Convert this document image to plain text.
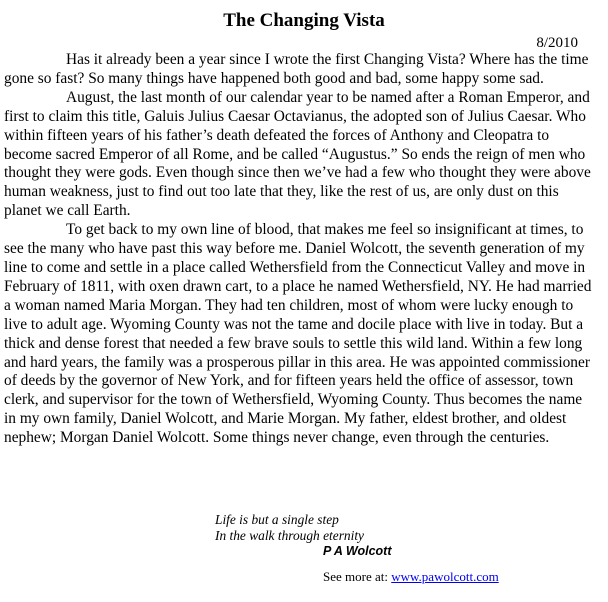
The Changing Vista
8/2010

Has it already been a year since I wrote the first Changing Vista? Where has the time gone so fast? So many things have happened both good and bad, some happy some sad.

August, the last month of our calendar year to be named after a Roman Emperor, and first to claim this title, Galuis Julius Caesar Octavianus, the adopted son of Julius Caesar. Who within fifteen years of his father’s death defeated the forces of Anthony and Cleopatra to become sacred Emperor of all Rome, and be called “Augustus.” So ends the reign of men who thought they were gods. Even though since then we’ve had a few who thought they were above human weakness, just to find out too late that they, like the rest of us, are only dust on this planet we call Earth.

To get back to my own line of blood, that makes me feel so insignificant at times, to see the many who have past this way before me. Daniel Wolcott, the seventh generation of my line to come and settle in a place called Wethersfield from the Connecticut Valley and move in February of 1811, with oxen drawn cart, to a place he named Wethersfield, NY. He had married a woman named Maria Morgan. They had ten children, most of whom were lucky enough to live to adult age. Wyoming County was not the tame and docile place with live in today. But a thick and dense forest that needed a few brave souls to settle this wild land. Within a few long and hard years, the family was a prosperous pillar in this area. He was appointed commissioner of deeds by the governor of New York, and for fifteen years held the office of assessor, town clerk, and supervisor for the town of Wethersfield, Wyoming County. Thus becomes the name in my own family, Daniel Wolcott, and Marie Morgan. My father, eldest brother, and oldest nephew; Morgan Daniel Wolcott. Some things never change, even through the centuries.

Life is but a single step
In the walk through eternity
P A Wolcott
See more at: www.pawolcott.com
